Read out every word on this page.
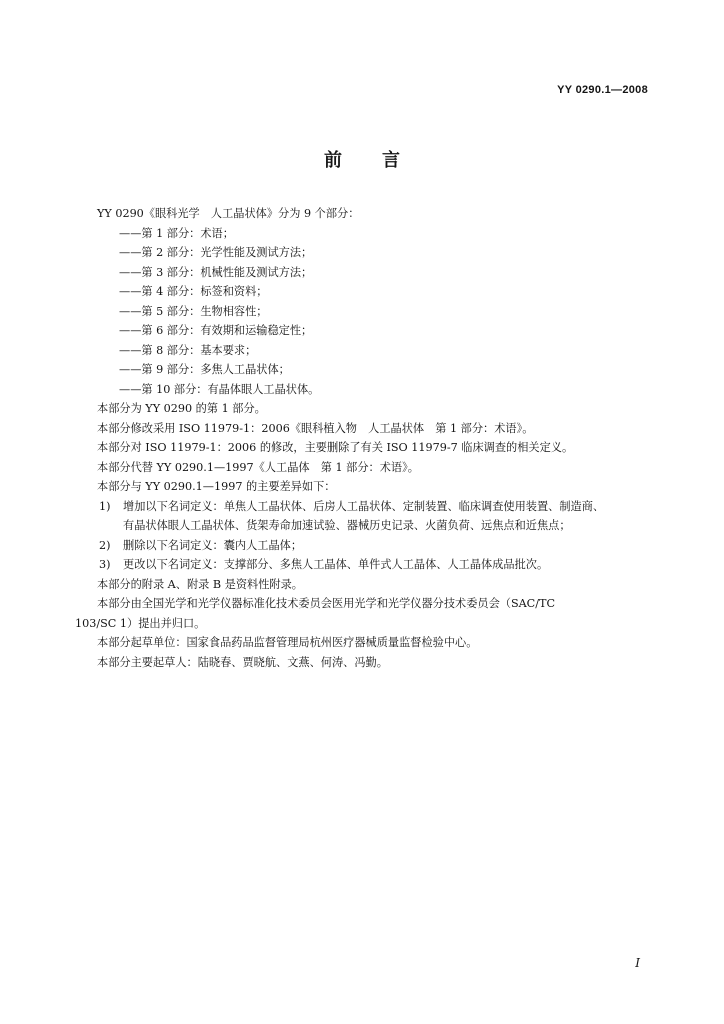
YY 0290.1—2008
前言
YY 0290《眼科光学　人工晶状体》分为 9 个部分：
——第 1 部分：术语；
——第 2 部分：光学性能及测试方法；
——第 3 部分：机械性能及测试方法；
——第 4 部分：标签和资料；
——第 5 部分：生物相容性；
——第 6 部分：有效期和运输稳定性；
——第 8 部分：基本要求；
——第 9 部分：多焦人工晶状体；
——第 10 部分：有晶体眼人工晶状体。
本部分为 YY 0290 的第 1 部分。
本部分修改采用 ISO 11979-1：2006《眼科植入物　人工晶状体　第 1 部分：术语》。
本部分对 ISO 11979-1：2006 的修改，主要删除了有关 ISO 11979-7 临床调查的相关定义。
本部分代替 YY 0290.1—1997《人工晶体　第 1 部分：术语》。
本部分与 YY 0290.1—1997 的主要差异如下：
1) 增加以下名词定义：单焦人工晶状体、后房人工晶状体、定制装置、临床调查使用装置、制造商、
有晶状体眼人工晶状体、货架寿命加速试验、器械历史记录、火菌负荷、远焦点和近焦点；
2) 删除以下名词定义：囊内人工晶体；
3) 更改以下名词定义：支撑部分、多焦人工晶体、单件式人工晶体、人工晶体成品批次。
本部分的附录 A、附录 B 是资料性附录。
本部分由全国光学和光学仪器标准化技术委员会医用光学和光学仪器分技术委员会（SAC/TC
103/SC 1）提出并归口。
本部分起草单位：国家食品药品监督管理局杭州医疗器械质量监督检验中心。
本部分主要起草人：陆晓春、贾晓航、文燕、何涛、冯勤。
I
